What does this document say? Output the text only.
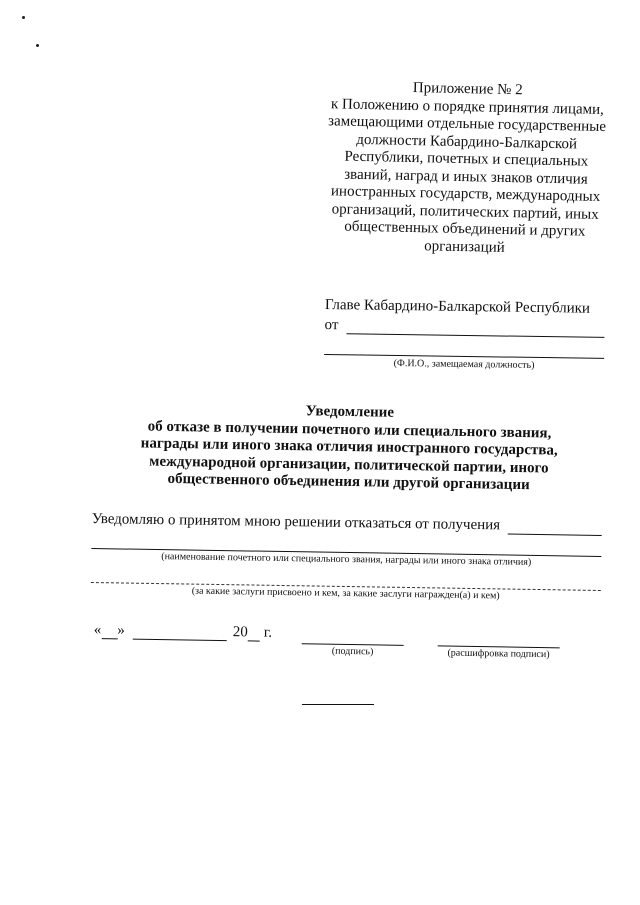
Приложение № 2
к Положению о порядке принятия лицами,
замещающими отдельные государственные
должности Кабардино-Балкарской
Республики, почетных и специальных
званий, наград и иных знаков отличия
иностранных государств, международных
организаций, политических партий, иных
общественных объединений и других
организаций
Главе Кабардино-Балкарской Республики
от
(Ф.И.О., замещаемая должность)
Уведомление
об отказе в получении почетного или специального звания,
награды или иного знака отличия иностранного государства,
международной организации, политической партии, иного
общественного объединения или другой организации
Уведомляю о принятом мною решении отказаться от получения
(наименование почетного или специального звания, награды или иного знака отличия)
(за какие заслуги присвоено и кем, за какие заслуги награжден(а) и кем)
« »	20 г.
(подпись)	(расшифровка подписи)
